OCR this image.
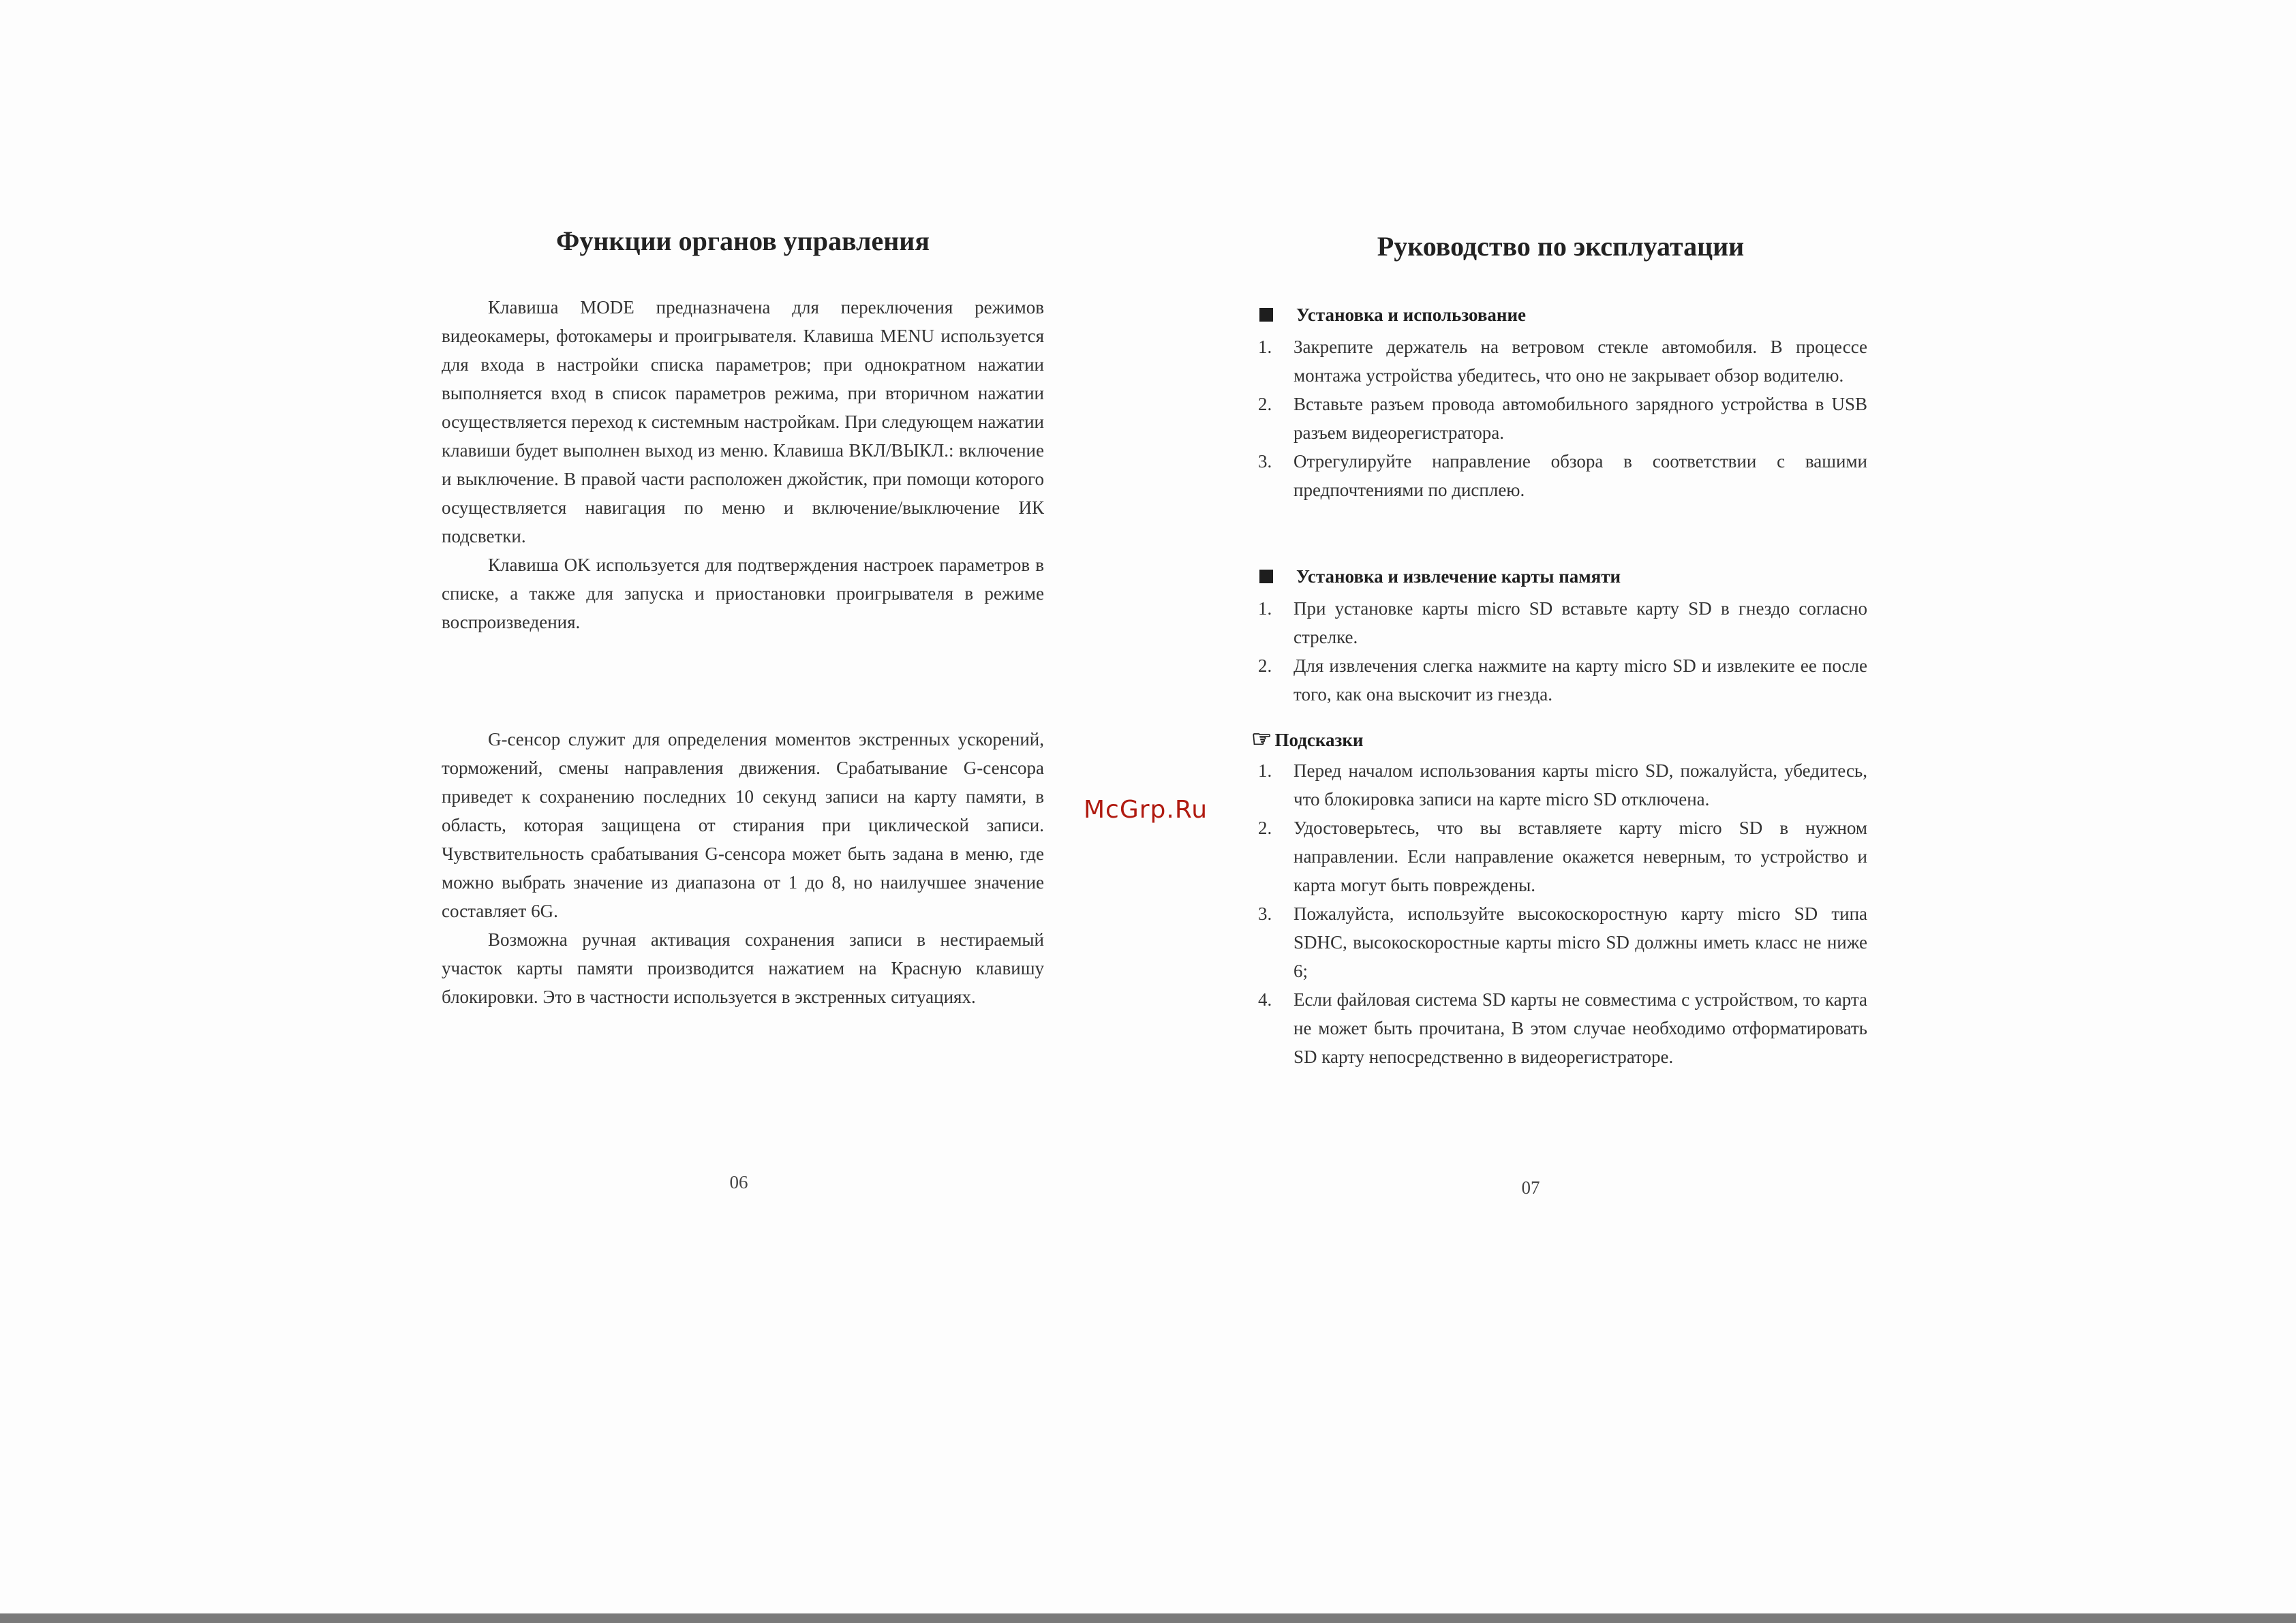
Функции органов управления

Клавиша MODE предназначена для переключения режимов видеокамеры, фотокамеры и проигрывателя. Клавиша MENU используется для входа в настройки списка параметров; при однократном нажатии выполняется вход в список параметров режима, при вторичном нажатии осуществляется переход к системным настройкам. При следующем нажатии клавиши будет выполнен выход из меню. Клавиша ВКЛ/ВЫКЛ.: включение и выключение. В правой части расположен джойстик, при помощи которого осуществляется навигация по меню и включение/выключение ИК подсветки.

Клавиша OK используется для подтверждения настроек параметров в списке, а также для запуска и приостановки проигрывателя в режиме воспроизведения.

G-сенсор служит для определения моментов экстренных ускорений, торможений, смены направления движения. Срабатывание G-сенсора приведет к сохранению последних 10 секунд записи на карту памяти, в область, которая защищена от стирания при циклической записи. Чувствительность срабатывания G-сенсора может быть задана в меню, где можно выбрать значение из диапазона от 1 до 8, но наилучшее значение составляет 6G.

Возможна ручная активация сохранения записи в нестираемый участок карты памяти производится нажатием на Красную клавишу блокировки. Это в частности используется в экстренных ситуациях.

06
Руководство по эксплуатации
Установка и использование
1. Закрепите держатель на ветровом стекле автомобиля. В процессе монтажа устройства убедитесь, что оно не закрывает обзор водителю.
2. Вставьте разъем провода автомобильного зарядного устройства в USB разъем видеорегистратора.
3. Отрегулируйте направление обзора в соответствии с вашими предпочтениями по дисплею.
Установка и извлечение карты памяти
1. При установке карты micro SD вставьте карту SD в гнездо согласно стрелке.
2. Для извлечения слегка нажмите на карту micro SD и извлеките ее после того, как она выскочит из гнезда.
☞ Подсказки
1. Перед началом использования карты micro SD, пожалуйста, убедитесь, что блокировка записи на карте micro SD отключена.
2. Удостоверьтесь, что вы вставляете карту micro SD в нужном направлении. Если направление окажется неверным, то устройство и карта могут быть повреждены.
3. Пожалуйста, используйте высокоскоростную карту micro SD типа SDHC, высокоскоростные карты micro SD должны иметь класс не ниже 6;
4. Если файловая система SD карты не совместима с устройством, то карта не может быть прочитана, В этом случае необходимо отформатировать SD карту непосредственно в видеорегистраторе.
07
McGrp.Ru
